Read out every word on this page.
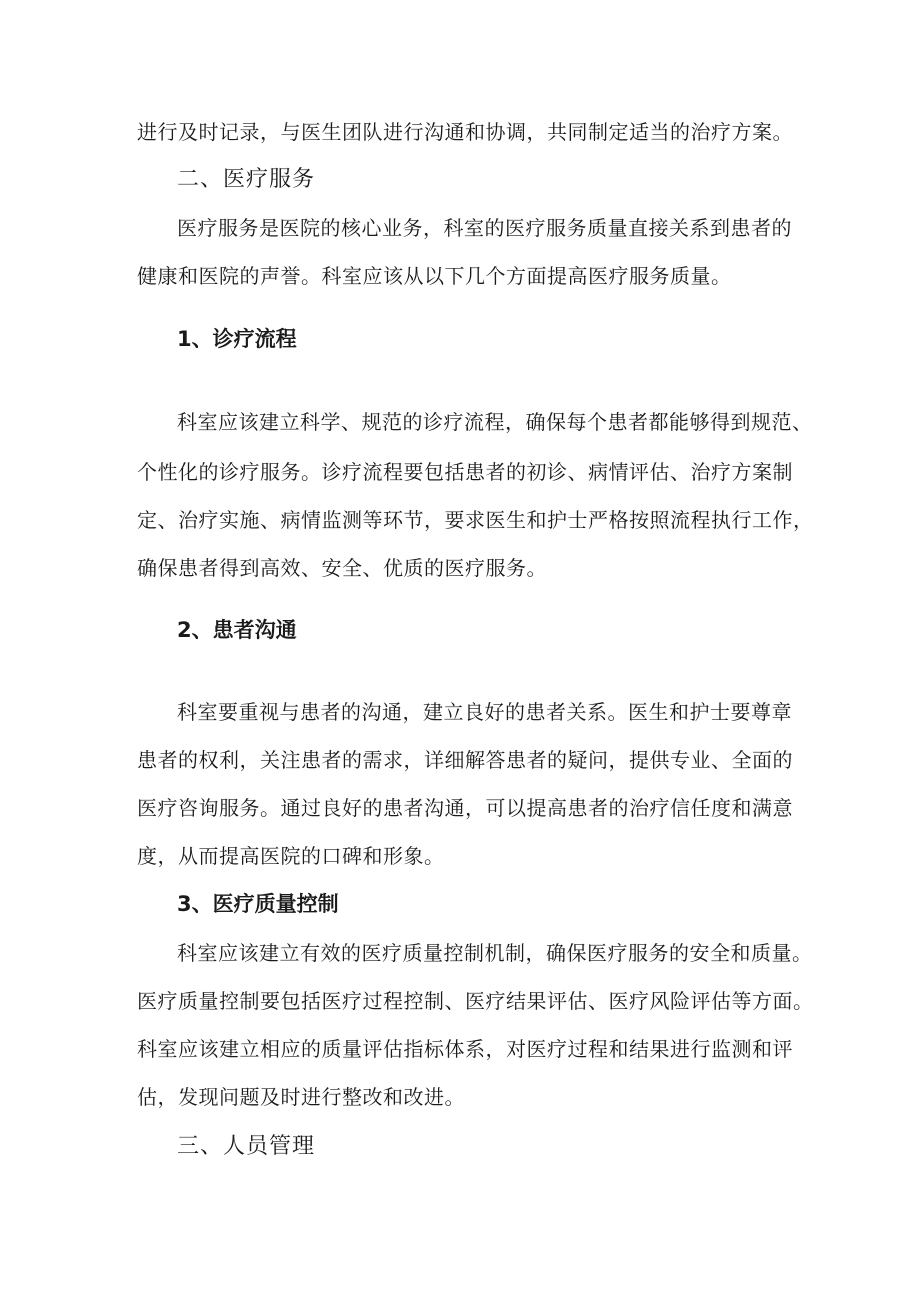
进行及时记录，与医生团队进行沟通和协调，共同制定适当的治疗方案。

二、医疗服务

医疗服务是医院的核心业务，科室的医疗服务质量直接关系到患者的

健康和医院的声誉。科室应该从以下几个方面提高医疗服务质量。

1、诊疗流程

科室应该建立科学、规范的诊疗流程，确保每个患者都能够得到规范、

个性化的诊疗服务。诊疗流程要包括患者的初诊、病情评估、治疗方案制

定、治疗实施、病情监测等环节，要求医生和护士严格按照流程执行工作，

确保患者得到高效、安全、优质的医疗服务。

2、患者沟通

科室要重视与患者的沟通，建立良好的患者关系。医生和护士要尊章

患者的权利，关注患者的需求，详细解答患者的疑问，提供专业、全面的

医疗咨询服务。通过良好的患者沟通，可以提高患者的治疗信任度和满意

度，从而提高医院的口碑和形象。

3、医疗质量控制

科室应该建立有效的医疗质量控制机制，确保医疗服务的安全和质量。

医疗质量控制要包括医疗过程控制、医疗结果评估、医疗风险评估等方面。

科室应该建立相应的质量评估指标体系，对医疗过程和结果进行监测和评

估，发现问题及时进行整改和改进。

三、人员管理
